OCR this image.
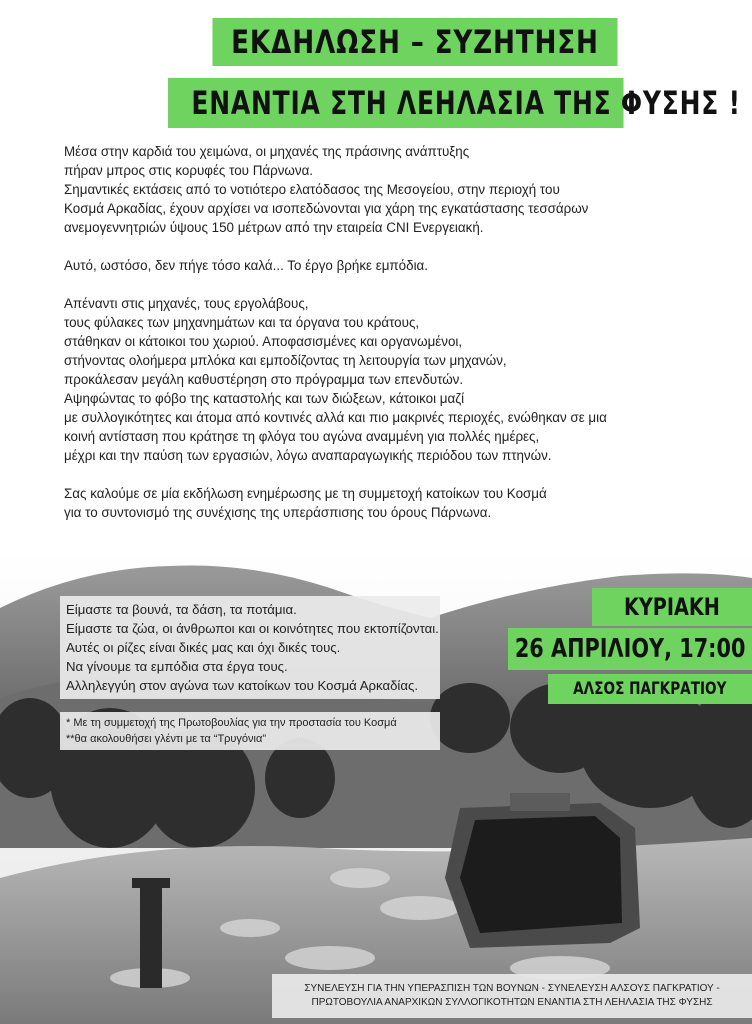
ΕΚΔΗΛΩΣΗ – ΣΥΖΗΤΗΣΗ
ΕΝΑΝΤΙΑ ΣΤΗ ΛΕΗΛΑΣΙΑ ΤΗΣ ΦΥΣΗΣ !

Μέσα στην καρδιά του χειμώνα, οι μηχανές της πράσινης ανάπτυξης
πήραν μπρος στις κορυφές του Πάρνωνα.
Σημαντικές εκτάσεις από το νοτιότερο ελατόδασος της Μεσογείου, στην περιοχή του
Κοσμά Αρκαδίας, έχουν αρχίσει να ισοπεδώνονται για χάρη της εγκατάστασης τεσσάρων
ανεμογεννητριών ύψους 150 μέτρων από την εταιρεία CNI Ενεργειακή.

Αυτό, ωστόσο, δεν πήγε τόσο καλά... Το έργο βρήκε εμπόδια.

Απέναντι στις μηχανές, τους εργολάβους,
τους φύλακες των μηχανημάτων και τα όργανα του κράτους,
στάθηκαν οι κάτοικοι του χωριού. Αποφασισμένες και οργανωμένοι,
στήνοντας ολοήμερα μπλόκα και εμποδίζοντας τη λειτουργία των μηχανών,
προκάλεσαν μεγάλη καθυστέρηση στο πρόγραμμα των επενδυτών.
Αψηφώντας το φόβο της καταστολής και των διώξεων, κάτοικοι μαζί
με συλλογικότητες και άτομα από κοντινές αλλά και πιο μακρινές περιοχές, ενώθηκαν σε μια
κοινή αντίσταση που κράτησε τη φλόγα του αγώνα αναμμένη για πολλές ημέρες,
μέχρι και την παύση των εργασιών, λόγω αναπαραγωγικής περιόδου των πτηνών.

Σας καλούμε σε μία εκδήλωση ενημέρωσης με τη συμμετοχή κατοίκων του Κοσμά
για το συντονισμό της συνέχισης της υπεράσπισης του όρους Πάρνωνα.

Είμαστε τα βουνά, τα δάση, τα ποτάμια.
Είμαστε τα ζώα, οι άνθρωποι και οι κοινότητες που εκτοπίζονται.
Αυτές οι ρίζες είναι δικές μας και όχι δικές τους.
Να γίνουμε τα εμπόδια στα έργα τους.
Αλληλεγγύη στον αγώνα των κατοίκων του Κοσμά Αρκαδίας.
* Με τη συμμετοχή της Πρωτοβουλίας για την προστασία του Κοσμά
**θα ακολουθήσει γλέντι με τα “Τρυγόνια”
ΚΥΡΙΑΚΗ
26 ΑΠΡΙΛΙΟΥ, 17:00
ΑΛΣΟΣ ΠΑΓΚΡΑΤΙΟΥ
ΣΥΝΕΛΕΥΣΗ ΓΙΑ ΤΗΝ ΥΠΕΡΑΣΠΙΣΗ ΤΩΝ ΒΟΥΝΩΝ - ΣΥΝΕΛΕΥΣΗ ΑΛΣΟΥΣ ΠΑΓΚΡΑΤΙΟΥ -
ΠΡΩΤΟΒΟΥΛΙΑ ΑΝΑΡΧΙΚΩΝ ΣΥΛΛΟΓΙΚΟΤΗΤΩΝ ΕΝΑΝΤΙΑ ΣΤΗ ΛΕΗΛΑΣΙΑ ΤΗΣ ΦΥΣΗΣ
